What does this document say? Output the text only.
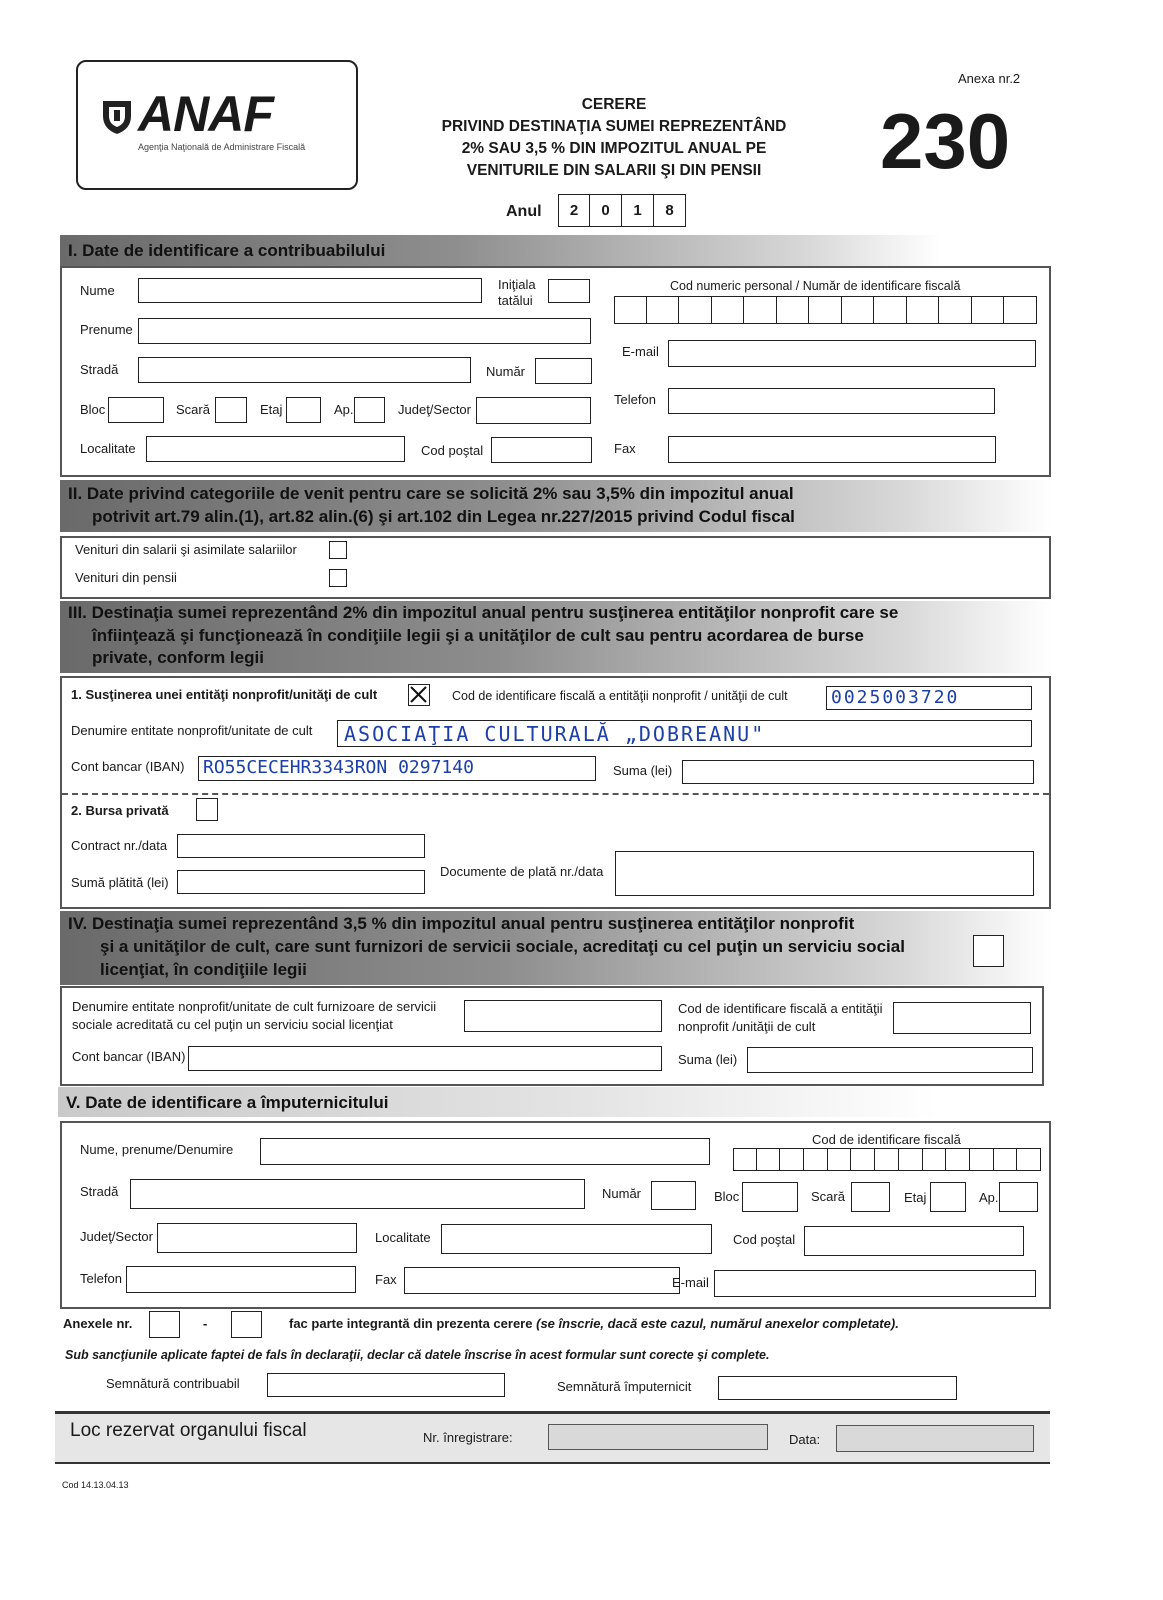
ANAF
Agenţia Naţională de Administrare Fiscală
CERERE
PRIVIND DESTINAŢIA SUMEI REPREZENTÂND
2% SAU 3,5 % DIN IMPOZITUL ANUAL PE
VENITURILE DIN SALARII ŞI DIN PENSII
Anexa nr.2
230
Anul	2	0	1	8
I. Date de identificare a contribuabilului
Nume	Iniţiala
tatălui
Cod numeric personal / Număr de identificare fiscală
Prenume
E-mail
Stradă	Număr
Telefon
Bloc	Scară	Etaj	Ap.	Judeţ/Sector
Localitate	Cod poştal	Fax
II. Date privind categoriile de venit pentru care se solicită 2% sau 3,5% din impozitul anual
potrivit art.79 alin.(1), art.82 alin.(6) şi art.102 din Legea nr.227/2015 privind Codul fiscal
Venituri din salarii şi asimilate salariilor
Venituri din pensii
III. Destinaţia sumei reprezentând 2% din impozitul anual pentru susţinerea entităţilor nonprofit care se
înfiinţează şi funcţionează în condiţiile legii şi a unităţilor de cult sau pentru acordarea de burse
private, conform legii
1. Susţinerea unei entităţi nonprofit/unităţi de cult	Cod de identificare fiscală a entităţii nonprofit / unităţii de cult 0025003720
Denumire entitate nonprofit/unitate de cult ASOCIAŢIA CULTURALĂ „DOBREANU"
Cont bancar (IBAN) RO55CECEHR3343RON 0297140	Suma (lei)
2. Bursa privată
Contract nr./data
Sumă plătită (lei)
Documente de plată nr./data
IV. Destinaţia sumei reprezentând 3,5 % din impozitul anual pentru susţinerea entităţilor nonprofit
şi a unităţilor de cult, care sunt furnizori de servicii sociale, acreditaţi cu cel puţin un serviciu social
licenţiat, în condiţiile legii
Denumire entitate nonprofit/unitate de cult furnizoare de servicii
sociale acreditată cu cel puţin un serviciu social licenţiat
Cod de identificare fiscală a entităţii
nonprofit /unităţii de cult
Cont bancar (IBAN)	Suma (lei)
V. Date de identificare a împuternicitului
Nume, prenume/Denumire
Cod de identificare fiscală
Stradă	Număr	Bloc	Scară	Etaj	Ap.
Judeţ/Sector	Localitate	Cod poştal
Telefon	Fax	E-mail
Anexele nr.	-	fac parte integrantă din prezenta cerere (se înscrie, dacă este cazul, numărul anexelor completate).
Sub sancţiunile aplicate faptei de fals în declaraţii, declar că datele înscrise în acest formular sunt corecte şi complete.
Semnătură contribuabil	Semnătură împuternicit
Loc rezervat organului fiscal	Nr. înregistrare:	Data:
Cod 14.13.04.13
